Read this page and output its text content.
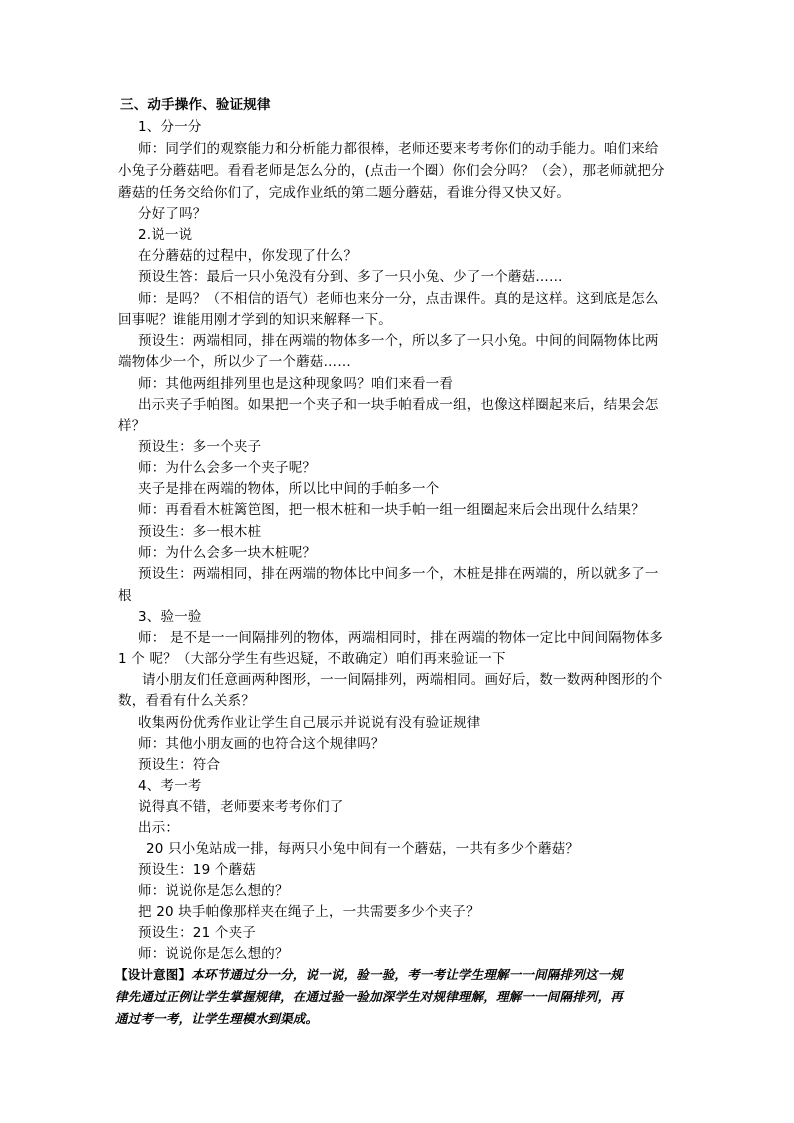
三、动手操作、验证规律
1、分一分
师：同学们的观察能力和分析能力都很棒，老师还要来考考你们的动手能力。咱们来给
小兔子分蘑菇吧。看看老师是怎么分的，(点击一个圈）你们会分吗？（会），那老师就把分
蘑菇的任务交给你们了，完成作业纸的第二题分蘑菇，看谁分得又快又好。
分好了吗？
2.说一说
在分蘑菇的过程中，你发现了什么？
预设生答：最后一只小兔没有分到、多了一只小兔、少了一个蘑菇……
师：是吗？（不相信的语气）老师也来分一分，点击课件。真的是这样。这到底是怎么
回事呢？谁能用刚才学到的知识来解释一下。
预设生：两端相同，排在两端的物体多一个，所以多了一只小兔。中间的间隔物体比两
端物体少一个，所以少了一个蘑菇……
师：其他两组排列里也是这种现象吗？咱们来看一看
出示夹子手帕图。如果把一个夹子和一块手帕看成一组，也像这样圈起来后，结果会怎
样？
预设生：多一个夹子
师：为什么会多一个夹子呢？
夹子是排在两端的物体，所以比中间的手帕多一个
师：再看看木桩篱笆图，把一根木桩和一块手帕一组一组圈起来后会出现什么结果？
预设生：多一根木桩
师：为什么会多一块木桩呢？
预设生：两端相同，排在两端的物体比中间多一个，木桩是排在两端的，所以就多了一
根
3、验一验
师： 是不是一一间隔排列的物体，两端相同时，排在两端的物体一定比中间间隔物体多
1 个 呢？（大部分学生有些迟疑，不敢确定）咱们再来验证一下
请小朋友们任意画两种图形，一一间隔排列，两端相同。画好后，数一数两种图形的个
数，看看有什么关系？
收集两份优秀作业让学生自己展示并说说有没有验证规律
师：其他小朋友画的也符合这个规律吗？
预设生：符合
4、考一考
说得真不错，老师要来考考你们了
出示：
20 只小兔站成一排，每两只小兔中间有一个蘑菇，一共有多少个蘑菇？
预设生：19 个蘑菇
师：说说你是怎么想的？
把 20 块手帕像那样夹在绳子上，一共需要多少个夹子？
预设生：21 个夹子
师：说说你是怎么想的？
【设计意图】本环节通过分一分，说一说，验一验，考一考让学生理解一一间隔排列这一规
律先通过正例让学生掌握规律，在通过验一验加深学生对规律理解，理解一一间隔排列，再
通过考一考，让学生理模水到渠成。
